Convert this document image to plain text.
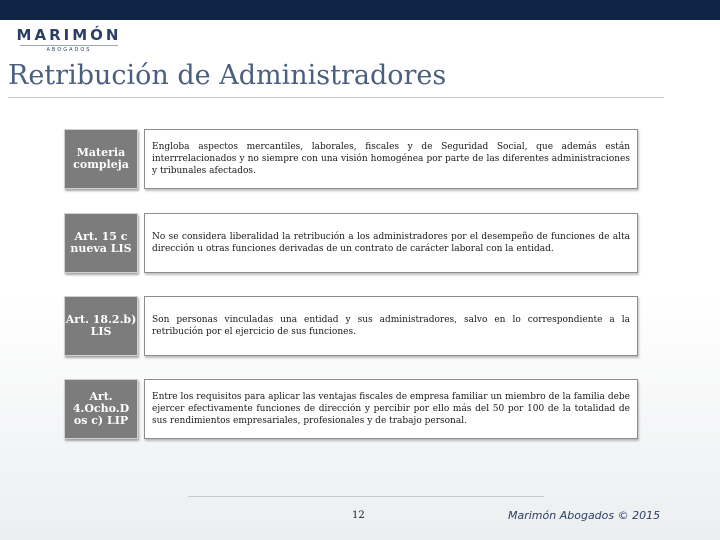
MARIMÓN
ABOGADOS
Retribución de Administradores
Materia compleja
Engloba aspectos mercantiles, laborales, fiscales y de Seguridad Social, que además están interrrelacionados y no siempre con una visión homogénea por parte de las diferentes administraciones y tribunales afectados.
Art. 15 c nueva LIS
No se considera liberalidad la retribución a los administradores por el desempeño de funciones de alta dirección u otras funciones derivadas de un contrato de carácter laboral con la entidad.
Art. 18.2.b) LIS
Son personas vinculadas una entidad y sus administradores, salvo en lo correspondiente a la retribución por el ejercicio de sus funciones.
Art. 4.Ocho.D os c) LIP
Entre los requisitos para aplicar las ventajas fiscales de empresa familiar un miembro de la familia debe ejercer efectivamente funciones de dirección y percibir por ello más del 50 por 100 de la totalidad de sus rendimientos empresariales, profesionales y de trabajo personal.
12	Marimón Abogados © 2015
